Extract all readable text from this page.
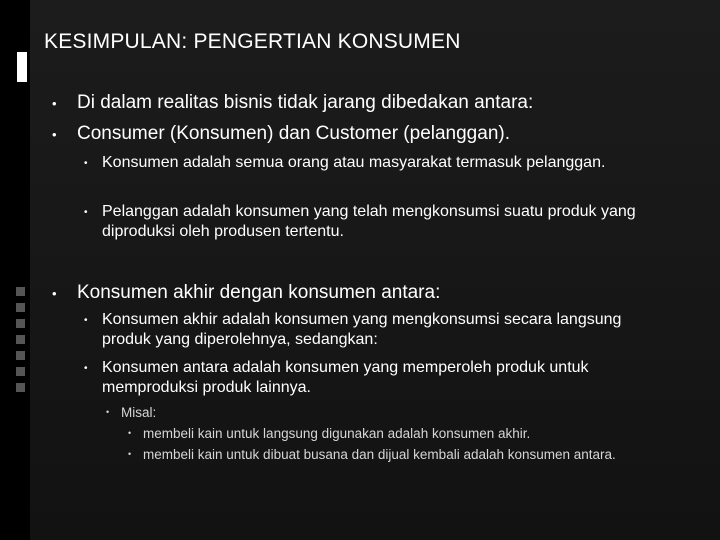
KESIMPULAN: PENGERTIAN KONSUMEN
•	Di dalam realitas bisnis tidak jarang dibedakan antara:
•	Consumer (Konsumen) dan Customer (pelanggan).
• Konsumen adalah semua orang atau masyarakat termasuk pelanggan.
• Pelanggan adalah konsumen yang telah mengkonsumsi suatu produk yang diproduksi oleh produsen tertentu.
•	Konsumen akhir dengan konsumen antara:
• Konsumen akhir adalah konsumen yang mengkonsumsi secara langsung produk yang diperolehnya, sedangkan:
• Konsumen antara adalah konsumen yang memperoleh produk untuk memproduksi produk lainnya.
• Misal:
• membeli kain untuk langsung digunakan adalah konsumen akhir.
• membeli kain untuk dibuat busana dan dijual kembali adalah konsumen antara.
